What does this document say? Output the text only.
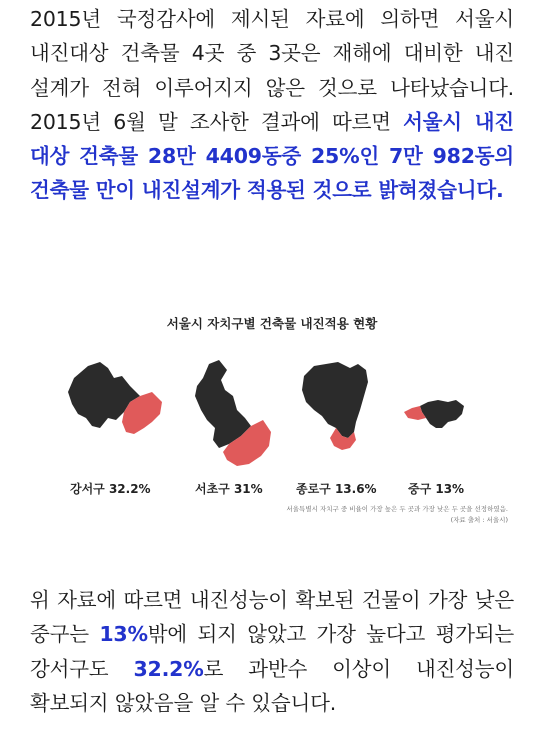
2015년 국정감사에 제시된 자료에 의하면 서울시 내진대상 건축물 4곳 중 3곳은 재해에 대비한 내진 설계가 전혀 이루어지지 않은 것으로 나타났습니다. 2015년 6월 말 조사한 결과에 따르면 서울시 내진 대상 건축물 28만 4409동중 25%인 7만 982동의 건축물 만이 내진설계가 적용된 것으로 밝혀졌습니다.
서울시 자치구별 건축물 내진적용 현황
강서구 32.2%	서초구 31%	종로구 13.6%	중구 13%
서울특별시 자치구 중 비율이 가장 높은 두 곳과 가장 낮은 두 곳을 선정하였음.
(자료 출처 : 서울시)
위 자료에 따르면 내진성능이 확보된 건물이 가장 낮은 중구는 13%밖에 되지 않았고 가장 높다고 평가되는 강서구도 32.2%로 과반수 이상이 내진성능이 확보되지 않았음을 알 수 있습니다.
